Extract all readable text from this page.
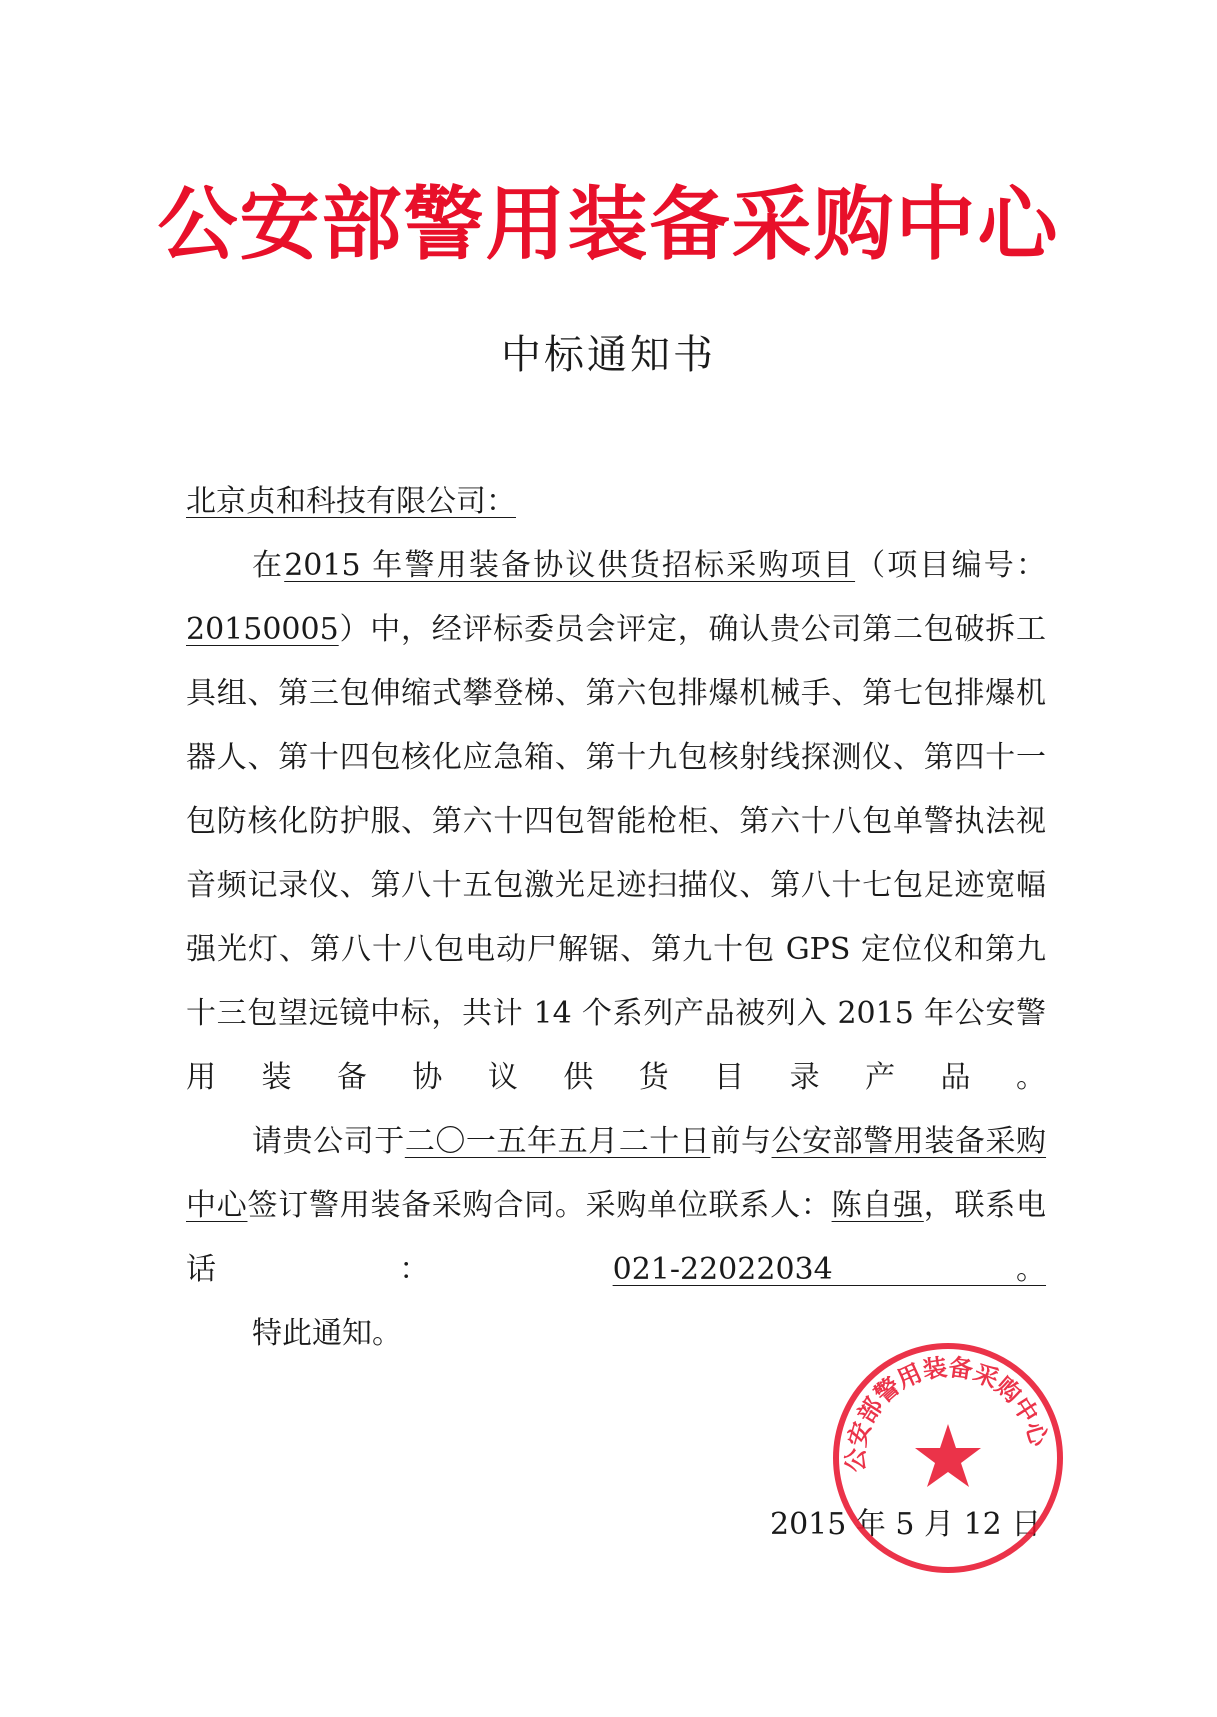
公安部警用装备采购中心
中标通知书

北京贞和科技有限公司：

在2015 年警用装备协议供货招标采购项目（项目编号：20150005）中，经评标委员会评定，确认贵公司第二包破拆工具组、第三包伸缩式攀登梯、第六包排爆机械手、第七包排爆机器人、第十四包核化应急箱、第十九包核射线探测仪、第四十一包防核化防护服、第六十四包智能枪柜、第六十八包单警执法视音频记录仪、第八十五包激光足迹扫描仪、第八十七包足迹宽幅强光灯、第八十八包电动尸解锯、第九十包 GPS 定位仪和第九十三包望远镜中标，共计 14 个系列产品被列入 2015 年公安警用装备协议供货目录产品。

请贵公司于二〇一五年五月二十日前与公安部警用装备采购中心签订警用装备采购合同。采购单位联系人：陈自强，联系电话：021-22022034。

特此通知。

2015 年 5 月 12 日
公安部警用装备采购中心
